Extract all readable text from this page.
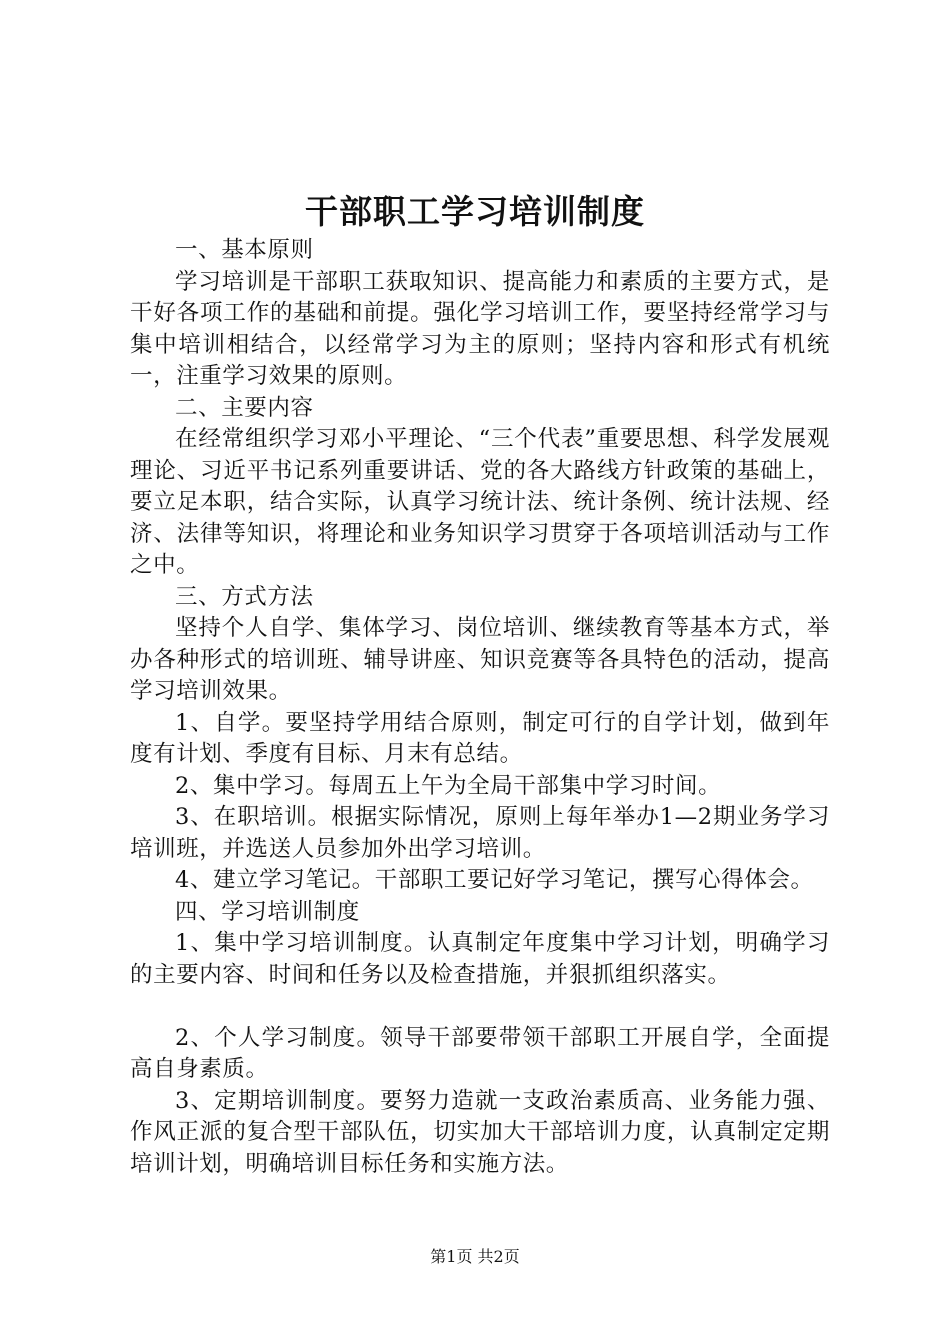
干部职工学习培训制度

一、基本原则

学习培训是干部职工获取知识、提高能力和素质的主要方式，是干好各项工作的基础和前提。强化学习培训工作，要坚持经常学习与集中培训相结合，以经常学习为主的原则；坚持内容和形式有机统一，注重学习效果的原则。

二、主要内容

在经常组织学习邓小平理论、“三个代表”重要思想、科学发展观理论、习近平书记系列重要讲话、党的各大路线方针政策的基础上，要立足本职，结合实际，认真学习统计法、统计条例、统计法规、经济、法律等知识，将理论和业务知识学习贯穿于各项培训活动与工作之中。

三、方式方法

坚持个人自学、集体学习、岗位培训、继续教育等基本方式，举办各种形式的培训班、辅导讲座、知识竞赛等各具特色的活动，提高学习培训效果。

1、自学。要坚持学用结合原则，制定可行的自学计划，做到年度有计划、季度有目标、月末有总结。

2、集中学习。每周五上午为全局干部集中学习时间。

3、在职培训。根据实际情况，原则上每年举办1—2期业务学习培训班，并选送人员参加外出学习培训。

4、建立学习笔记。干部职工要记好学习笔记，撰写心得体会。

四、学习培训制度

1、集中学习培训制度。认真制定年度集中学习计划，明确学习的主要内容、时间和任务以及检查措施，并狠抓组织落实。

2、个人学习制度。领导干部要带领干部职工开展自学，全面提高自身素质。

3、定期培训制度。要努力造就一支政治素质高、业务能力强、作风正派的复合型干部队伍，切实加大干部培训力度，认真制定定期培训计划，明确培训目标任务和实施方法。

第1页 共2页
